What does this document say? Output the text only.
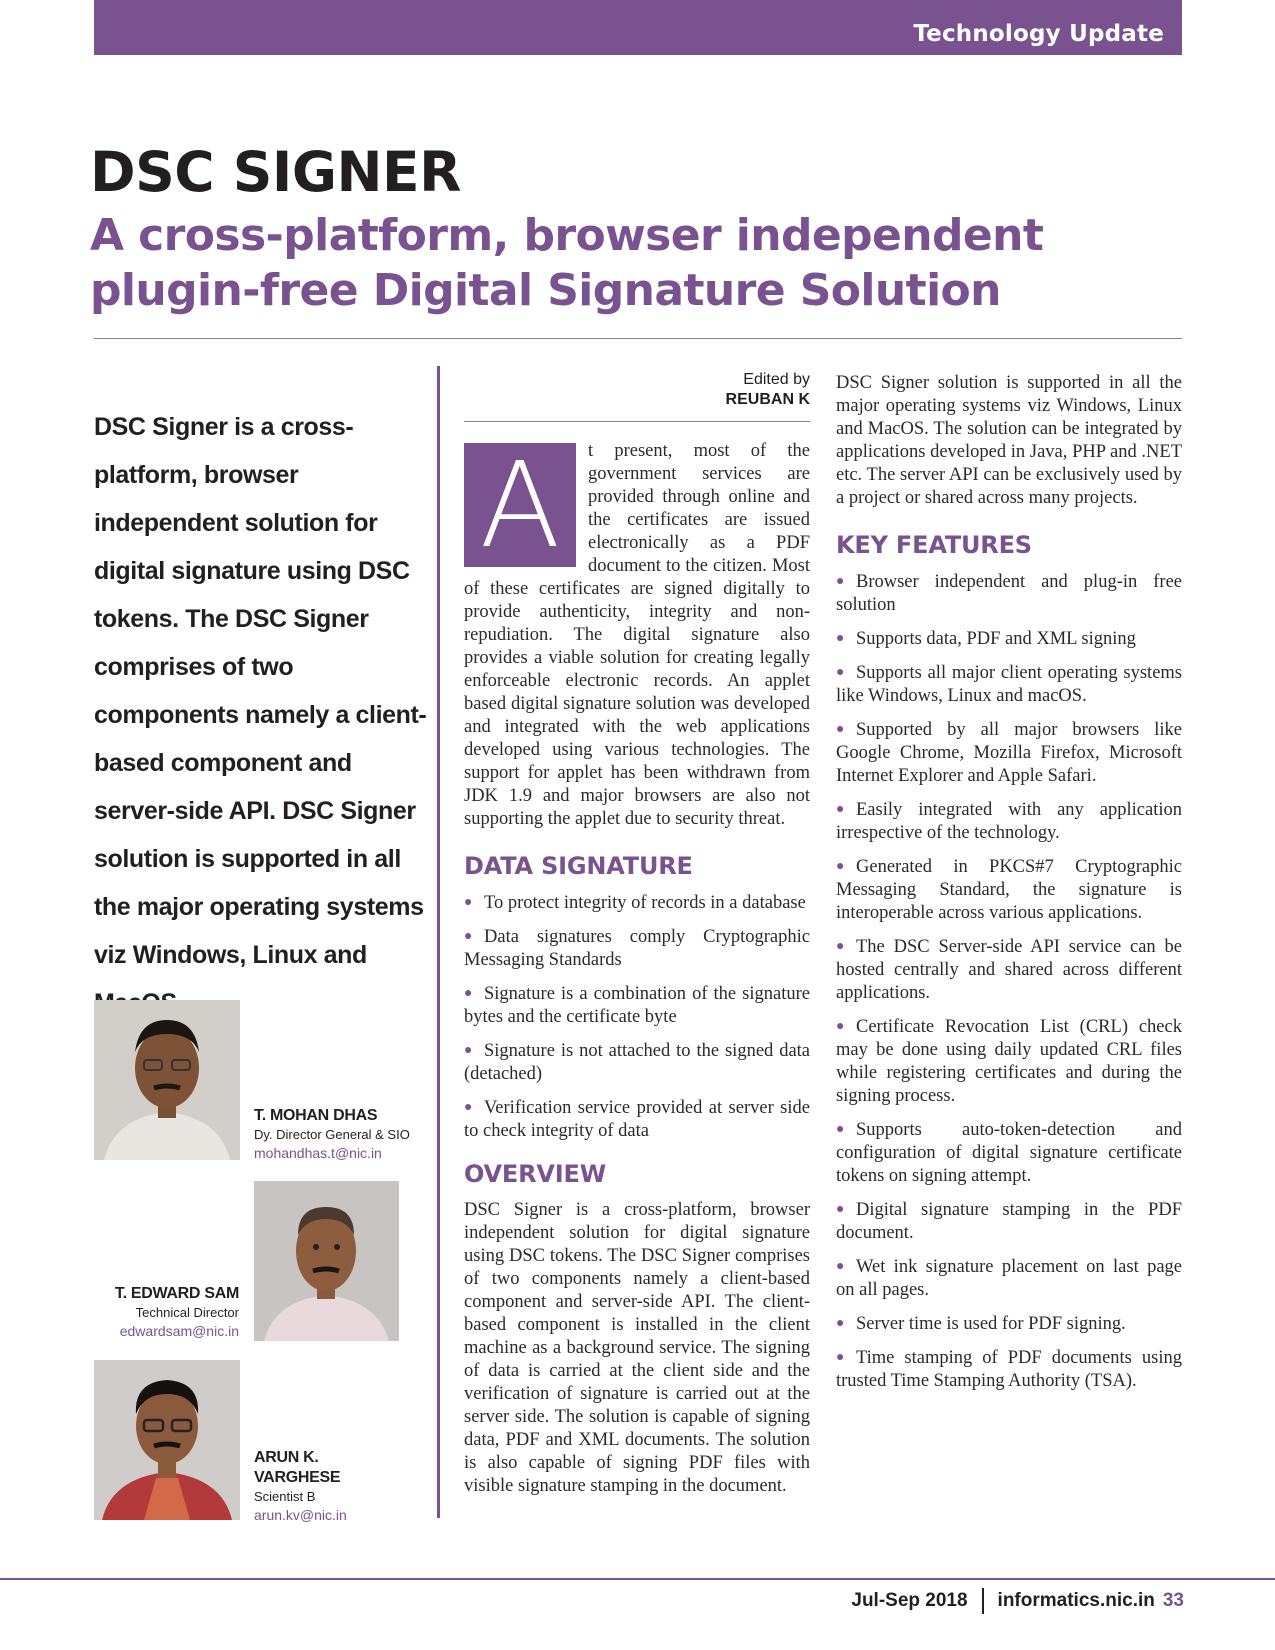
Technology Update
DSC SIGNER
A cross-platform, browser independent
plugin-free Digital Signature Solution
DSC Signer is a cross-platform, browser independent solution for digital signature using DSC tokens. The DSC Signer comprises of two components namely a client-based component and server-side API. DSC Signer solution is supported in all the major operating systems viz Windows, Linux and
T. MOHAN DHAS
Dy. Director General & SIO
mohandhas.t@nic.in
T. EDWARD SAM
Technical Director
edwardsam@nic.in
ARUN K.
VARGHESE
Scientist B
arun.kv@nic.in
Edited by
REUBAN K
A	t present, most of the government services are provided through online and the certificates are issued electronically as a PDF document to the citizen. Most of these certificates are signed digitally to provide authenticity, integrity and non-repudiation. The digital signature also provides a viable solution for creating legally enforceable electronic records. An applet based digital signature solution was developed and integrated with the web applications developed using various technologies. The support for applet has been withdrawn from JDK 1.9 and major browsers are also not supporting the applet due to security threat.

DATA SIGNATURE
● To protect integrity of records in a database
● Data signatures comply Cryptographic Messaging Standards
● Signature is a combination of the signature bytes and the certificate byte
● Signature is not attached to the signed data (detached)
● Verification service provided at server side to check integrity of data
OVERVIEW

DSC Signer is a cross-platform, browser independent solution for digital signature using DSC tokens. The DSC Signer comprises of two components namely a client-based component and server-side API. The client-based component is installed in the client machine as a background service. The signing of data is carried at the client side and the verification of signature is carried out at the server side. The solution is capable of signing data, PDF and XML documents. The solution is also capable of signing PDF files with visible signature stamping in the document.

DSC Signer solution is supported in all the major operating systems viz Windows, Linux and MacOS. The solution can be integrated by applications developed in Java, PHP and .NET etc. The server API can be exclusively used by a project or shared across many projects.

KEY FEATURES
● Browser independent and plug-in free solution
● Supports data, PDF and XML signing
● Supports all major client operating systems like Windows, Linux and macOS.
● Supported by all major browsers like Google Chrome, Mozilla Firefox, Microsoft Internet Explorer and Apple Safari.
● Easily integrated with any application irrespective of the technology.
● Generated in PKCS#7 Cryptographic Messaging Standard, the signature is interoperable across various applications.
● The DSC Server-side API service can be hosted centrally and shared across different applications.
● Certificate Revocation List (CRL) check may be done using daily updated CRL files while registering certificates and during the signing process.
● Supports auto-token-detection and configuration of digital signature certificate tokens on signing attempt.
● Digital signature stamping in the PDF document.
● Wet ink signature placement on last page on all pages.
● Server time is used for PDF signing.
● Time stamping of PDF documents using trusted Time Stamping Authority (TSA).
Jul-Sep 2018 informatics.nic.in 33
